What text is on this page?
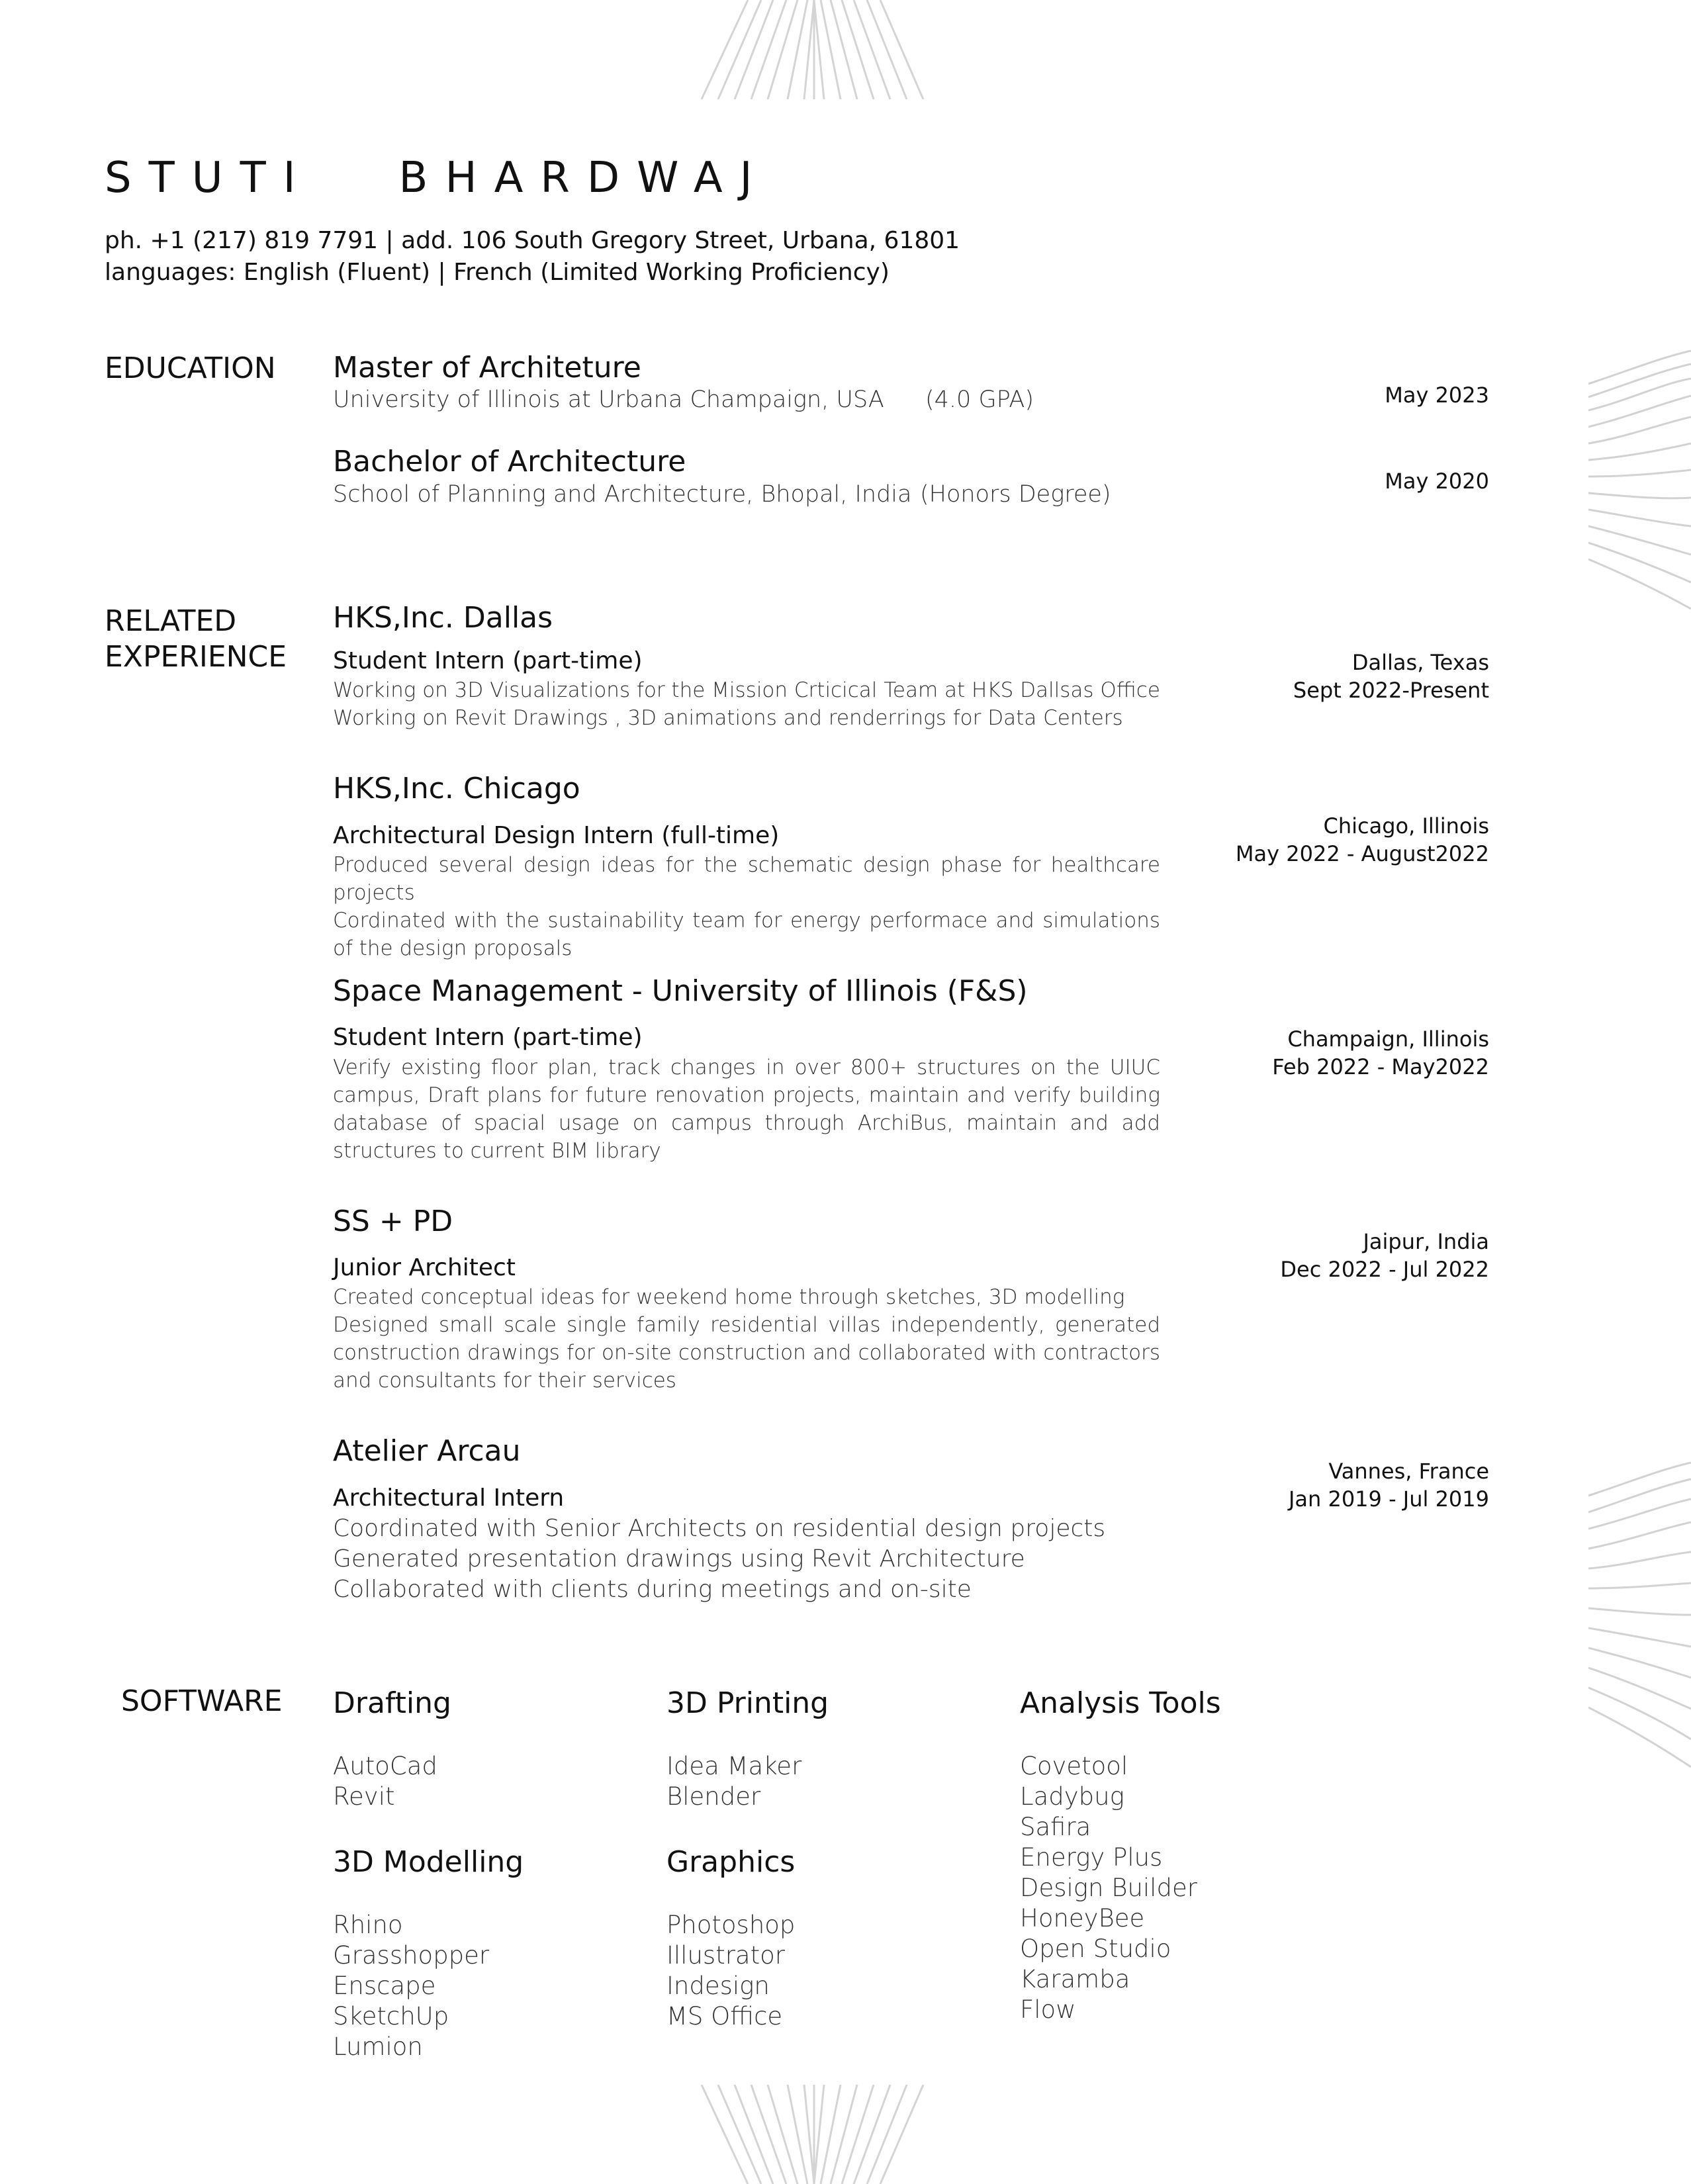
STUTI BHARDWAJ
ph. +1 (217) 819 7791 | add. 106 South Gregory Street, Urbana, 61801
languages: English (Fluent) | French (Limited Working Proficiency)
EDUCATION Master of Architeture
University of Illinois at Urbana Champaign, USA (4.0 GPA)	May 2023
Bachelor of Architecture
School of Planning and Architecture, Bhopal, India (Honors Degree)	May 2020
RELATED
EXPERIENCE
HKS,Inc. Dallas
Student Intern (part-time)
Working on 3D Visualizations for the Mission Crticical Team at HKS Dallsas Office
Working on Revit Drawings , 3D animations and renderrings for Data Centers
Dallas, Texas
Sept 2022-Present
HKS,Inc. Chicago
Architectural Design Intern (full-time)
Produced several design ideas for the schematic design phase for healthcare projects
Cordinated with the sustainability team for energy performace and simulations of the design proposals
Chicago, Illinois
May 2022 - August2022
Space Management - University of Illinois (F&S)
Student Intern (part-time)
Verify existing floor plan, track changes in over 800+ structures on the UIUC campus, Draft plans for future renovation projects, maintain and verify building database of spacial usage on campus through ArchiBus, maintain and add structures to current BIM library
Champaign, Illinois
Feb 2022 - May2022
SS + PD
Junior Architect
Created conceptual ideas for weekend home through sketches, 3D modelling
Designed small scale single family residential villas independently, generated construction drawings for on-site construction and collaborated with contractors and consultants for their services
Jaipur, India
Dec 2022 - Jul 2022
Atelier Arcau
Architectural Intern
Coordinated with Senior Architects on residential design projects
Generated presentation drawings using Revit Architecture
Collaborated with clients during meetings and on-site
Vannes, France
Jan 2019 - Jul 2019
SOFTWARE Drafting
AutoCad
Revit
3D Modelling
Rhino
Grasshopper
Enscape
SketchUp
Lumion
3D Printing
Idea Maker
Blender
Graphics
Photoshop
Illustrator
Indesign
MS Office
Analysis Tools
Covetool
Ladybug
Safira
Energy Plus
Design Builder
HoneyBee
Open Studio
Karamba
Flow
